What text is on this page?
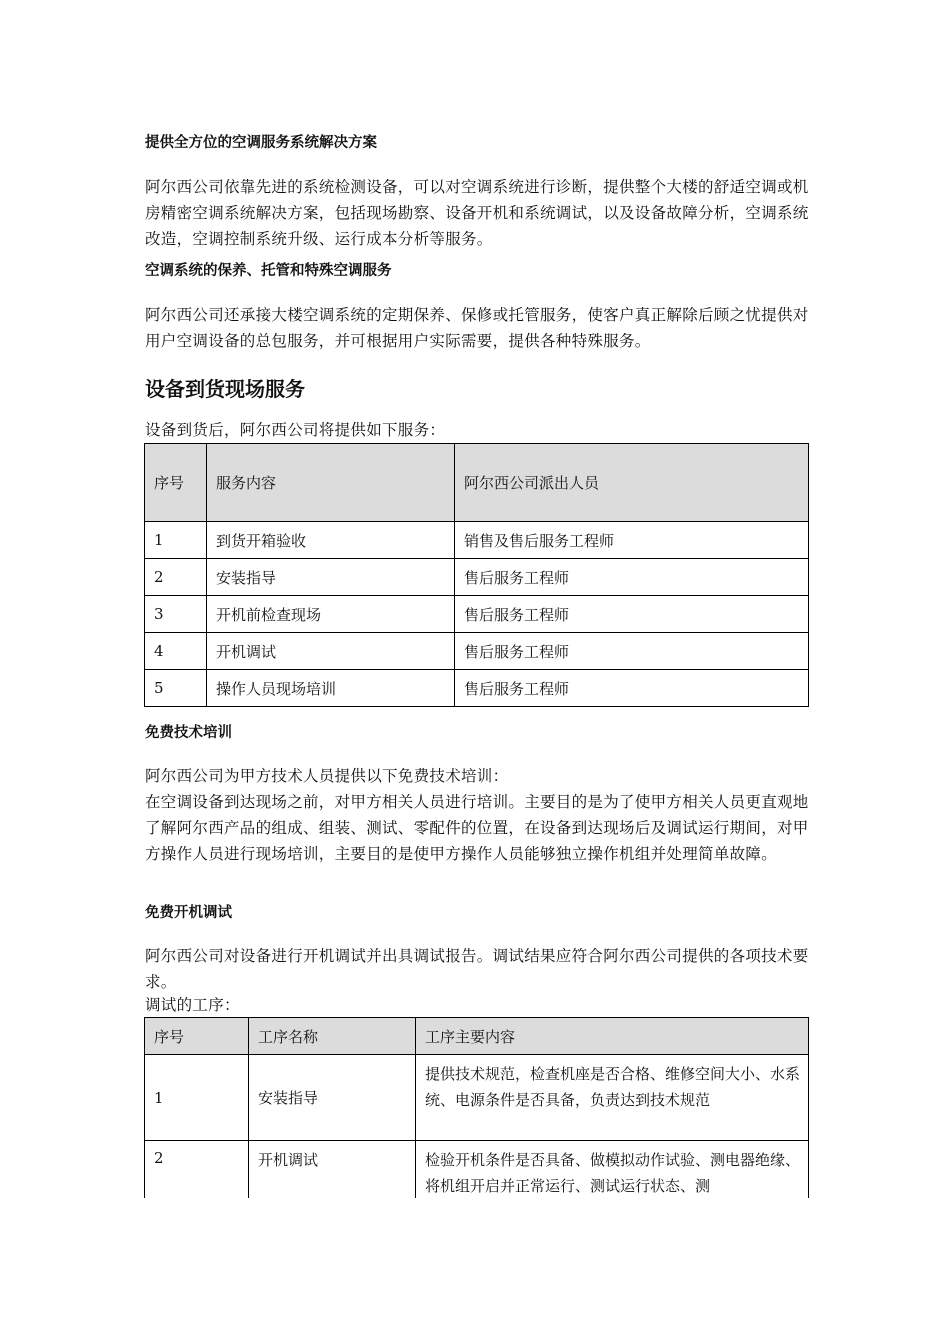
提供全方位的空调服务系统解决方案
阿尔西公司依靠先进的系统检测设备，可以对空调系统进行诊断，提供整个大楼的舒适空调或机房精密空调系统解决方案，包括现场勘察、设备开机和系统调试，以及设备故障分析，空调系统改造，空调控制系统升级、运行成本分析等服务。
空调系统的保养、托管和特殊空调服务
阿尔西公司还承接大楼空调系统的定期保养、保修或托管服务，使客户真正解除后顾之忧提供对用户空调设备的总包服务，并可根据用户实际需要，提供各种特殊服务。
设备到货现场服务
设备到货后，阿尔西公司将提供如下服务：
序号	服务内容	阿尔西公司派出人员
1	到货开箱验收	销售及售后服务工程师
2	安装指导	售后服务工程师
3	开机前检查现场	售后服务工程师
4	开机调试	售后服务工程师
5	操作人员现场培训	售后服务工程师
免费技术培训
阿尔西公司为甲方技术人员提供以下免费技术培训：
在空调设备到达现场之前，对甲方相关人员进行培训。主要目的是为了使甲方相关人员更直观地了解阿尔西产品的组成、组装、测试、零配件的位置，在设备到达现场后及调试运行期间，对甲方操作人员进行现场培训，主要目的是使甲方操作人员能够独立操作机组并处理简单故障。
免费开机调试
阿尔西公司对设备进行开机调试并出具调试报告。调试结果应符合阿尔西公司提供的各项技术要求。
调试的工序：
序号	工序名称	工序主要内容
1	安装指导	提供技术规范，检查机座是否合格、维修空间大小、水系统、电源条件是否具备，负责达到技术规范
2	开机调试	检验开机条件是否具备、做模拟动作试验、测电器绝缘、将机组开启并正常运行、测试运行状态、测
